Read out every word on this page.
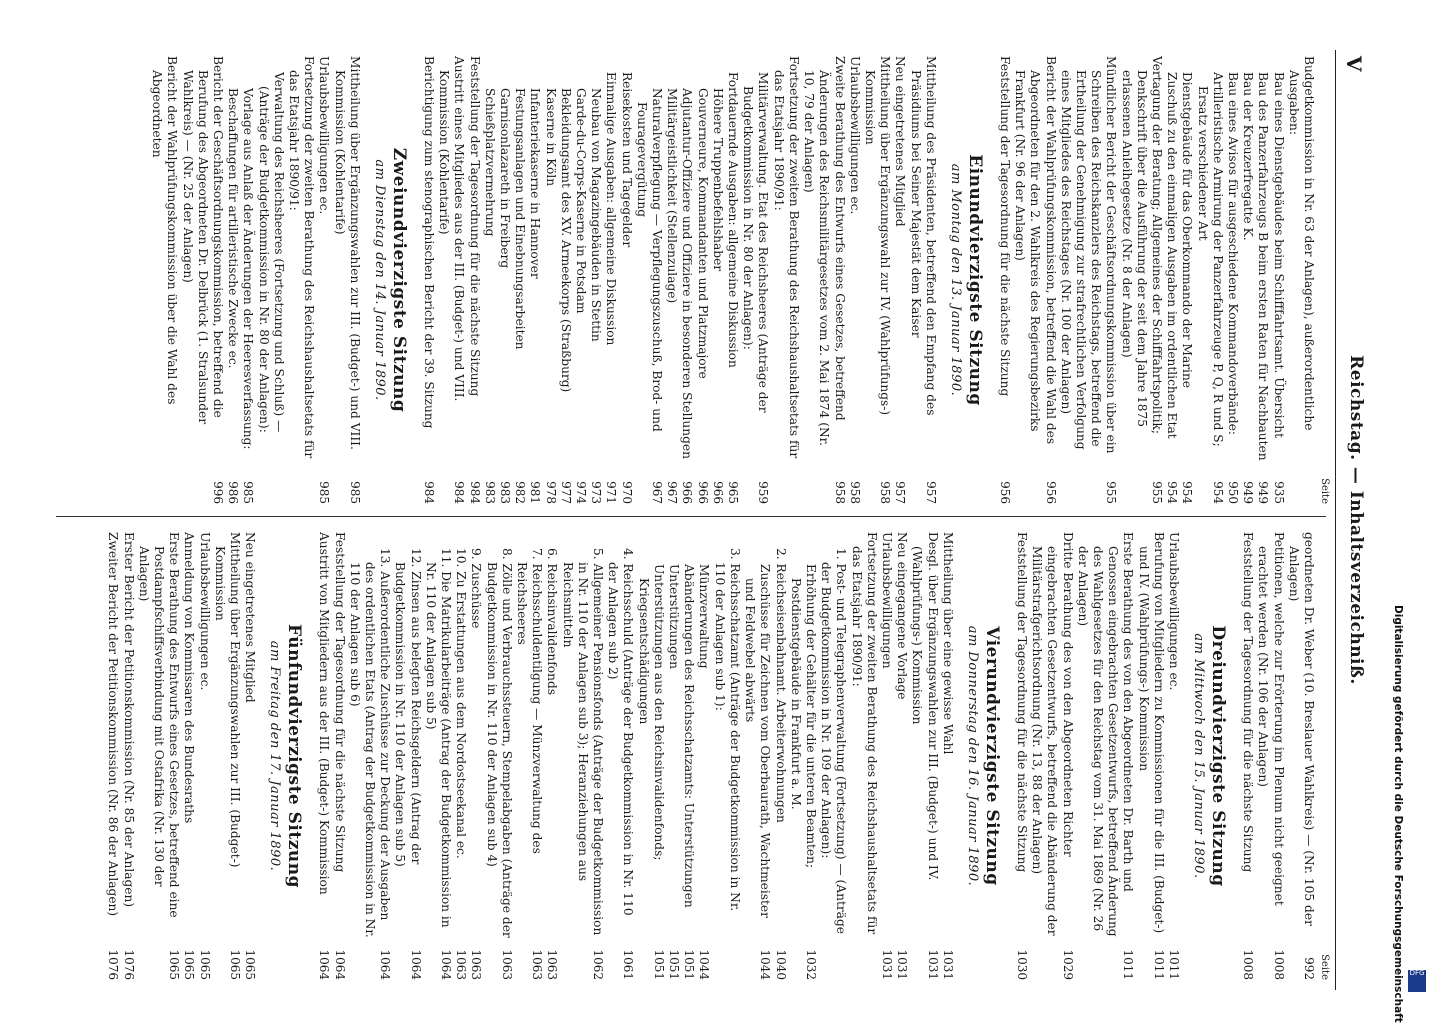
V
Reichstag. — Inhaltsverzeichniß.
Seite
geordneten Dr. Weber (10. Breslauer Wahlkreis) — (Nr. 105 der Anlagen)
992
Petitionen, welche zur Erörterung im Plenum nicht geeignet erachtet werden (Nr. 106 der Anlagen)
1008
Feststellung der Tagesordnung für die nächste Sitzung
1008
Dreiundvierzigste Sitzung
am Mittwoch den 15. Januar 1890.
Urlaubsbewilligungen ec.
1011
Berufung von Mitgliedern zu Kommissionen für die III. (Budget-) und IV. (Wahlprüfungs-) Kommission
1011
Erste Berathung des von den Abgeordneten Dr. Barth und Genossen eingebrachten Gesetzentwurfs, betreffend Änderung des Wahlgesetzes für den Reichstag vom 31. Mai 1869 (Nr. 26 der Anlagen)
1011
Dritte Berathung des von den Abgeordneten Richter eingebrachten Gesetzentwurfs, betreffend die Abänderung der Militärstrafgerichtsordnung (Nr. 13, 88 der Anlagen)
1029
Feststellung der Tagesordnung für die nächste Sitzung
1030
Vierundvierzigste Sitzung
am Donnerstag den 16. Januar 1890.
Mittheilung über eine gewisse Wahl
1031
Desgl. über Ergänzungswahlen zur III. (Budget-) und IV. (Wahlprüfungs-) Kommission
1031
Neu eingegangene Vorlage
1031
Urlaubsbewilligungen
1031
Fortsetzung der zweiten Berathung des Reichshaushaltsetats für das Etatsjahr 1890/91:
1. Post- und Telegraphenverwaltung (Fortsetzung) — (Anträge der Budgetkommission in Nr. 109 der Anlagen):
Erhöhung der Gehälter für die unteren Beamten; Postdienstgebäude in Frankfurt a. M.
1032
2. Reichseisenbahnamt. Arbeiterwohnungen
1040
Zuschüsse für Zeichnen vom Oberbaurath, Wachtmeister und Feldwebel abwärts
1044
3. Reichsschatzamt (Anträge der Budgetkommission in Nr. 110 der Anlagen sub 1):
Münzverwaltung
1044
Abänderungen des Reichsschatzamts: Unterstützungen
1051
Unterstützungen
1051
Unterstützungen aus den Reichsinvalidenfonds; Kriegsentschädigungen
1051
4. Reichsschuld (Anträge der Budgetkommission in Nr. 110 der Anlagen sub 2)
1061
5. Allgemeiner Pensionsfonds (Anträge der Budgetkommission in Nr. 110 der Anlagen sub 3); Heranziehungen aus Reichsmitteln
1062
6. Reichsinvalidenfonds
1063
7. Reichsschuldentilgung — Münzverwaltung des Reichsheeres
1063
8. Zölle und Verbrauchssteuern, Stempelabgaben (Anträge der Budgetkommission in Nr. 110 der Anlagen sub 4)
1063
9. Zuschüsse
1063
10. Zu Erstattungen aus dem Nordostseekanal ec.
1063
11. Die Matrikularbeiträge (Antrag der Budgetkommission in Nr. 110 der Anlagen sub 5)
1064
12. Zinsen aus belegten Reichsgeldern (Antrag der Budgetkommission in Nr. 110 der Anlagen sub 5)
1064
13. Außerordentliche Zuschüsse zur Deckung der Ausgaben des ordentlichen Etats (Antrag der Budgetkommission in Nr. 110 der Anlagen sub 6)
1064
Feststellung der Tagesordnung für die nächste Sitzung
1064
Austritt von Mitgliedern aus der III. (Budget-) Kommission
1064
Fünfundvierzigste Sitzung
am Freitag den 17. Januar 1890.
Neu eingetretenes Mitglied
1065
Mittheilung über Ergänzungswahlen zur III. (Budget-) Kommission
1065
Urlaubsbewilligungen ec.
1065
Anmeldung von Kommissaren des Bundesraths
1065
Erste Berathung des Entwurfs eines Gesetzes, betreffend eine Postdampfschiffsverbindung mit Ostafrika (Nr. 130 der Anlagen)
1065
Erster Bericht der Petitionskommission (Nr. 85 der Anlagen)
1076
Zweiter Bericht der Petitionskommission (Nr. 86 der Anlagen)
1076
Seite
Budgetkommission in Nr. 63 der Anlagen), außerordentliche Ausgaben:
Bau eines Dienstgebäudes beim Schifffahrtsamt. Übersicht
935
Bau des Panzerfahrzeugs B beim ersten Raten für Nachbauten
949
Bau der Kreuzerfregatte K.
949
Bau eines Avisos für ausgeschiedene Kommandoverbände:
950
Artilleristische Armirung der Panzerfahrzeuge P, Q, R und S; Ersatz verschiedener Art
954
Dienstgebäude für das Oberkommando der Marine
954
Zuschuß zu den einmaligen Ausgaben im ordentlichen Etat
954
Vertagung der Beratung; Allgemeines der Schifffahrtspolitik; Denkschrift über die Ausführung der seit dem Jahre 1875 erlassenen Anleihegesetze (Nr. 8 der Anlagen)
955
Mündlicher Bericht der Geschäftsordnungskommission über ein Schreiben des Reichskanzlers des Reichstags, betreffend die Ertheilung der Genehmigung zur strafrechtlichen Verfolgung eines Mitgliedes des Reichstages (Nr. 100 der Anlagen)
955
Bericht der Wahlprüfungskommission, betreffend die Wahl des Abgeordneten für den 2. Wahlkreis des Regierungsbezirks Frankfurt (Nr. 96 der Anlagen)
956
Feststellung der Tagesordnung für die nächste Sitzung
956
Einundvierzigste Sitzung
am Montag den 13. Januar 1890.
Mittheilung des Präsidenten, betreffend den Empfang des Präsidiums bei Seiner Majestät dem Kaiser
957
Neu eingetretenes Mitglied
957
Mittheilung über Ergänzungswahl zur IV. (Wahlprüfungs-) Kommission
958
Urlaubsbewilligungen ec.
958
Zweite Berathung des Entwurfs eines Gesetzes, betreffend Änderungen des Reichsmilitärgesetzes vom 2. Mai 1874 (Nr. 10, 79 der Anlagen)
958
Fortsetzung der zweiten Berathung des Reichshaushaltsetats für das Etatsjahr 1890/91:
Militärverwaltung. Etat des Reichsheeres (Anträge der Budgetkommission in Nr. 80 der Anlagen):
959
Fortdauernde Ausgaben: allgemeine Diskussion
965
Höhere Truppenbefehlshaber
966
Gouverneure, Kommandanten und Platzmajore
966
Adjutantur-Offiziere und Offiziere in besonderen Stellungen
966
Militärgeistlichkeit (Stellenzulage)
967
Naturalverpflegung — Verpflegungszuschuß, Brod- und Fouragevergütung
967
Reisekosten und Tagegelder
970
Einmalige Ausgaben: allgemeine Diskussion
971
Neubau von Magazingebäuden in Stettin
973
Garde-du-Corps-Kaserne in Potsdam
974
Bekleidungsamt des XV. Armeekorps (Straßburg)
977
Kaserne in Köln
978
Infanteriekaserne in Hannover
981
Festungsanlagen und Einebnungsarbeiten
982
Garnisonlazareth in Freiberg
983
Schießplatzvermehrung
983
Feststellung der Tagesordnung für die nächste Sitzung
984
Austritt eines Mitgliedes aus der III. (Budget-) und VIII. Kommission (Kohlentarife)
984
Berichtigung zum stenographischen Bericht der 39. Sitzung
984
Zweiundvierzigste Sitzung
am Dienstag den 14. Januar 1890.
Mittheilung über Ergänzungswahlen zur III. (Budget-) und VIII. Kommission (Kohlentarife)
985
Urlaubsbewilligungen ec.
985
Fortsetzung der zweiten Berathung des Reichshaushaltsetats für das Etatsjahr 1890/91:
Verwaltung des Reichsheeres (Fortsetzung und Schluß) — (Anträge der Budgetkommission in Nr. 80 der Anlagen):
Vorlage aus Anlaß der Änderungen der Heeresverfassung:
985
Beschaffungen für artilleristische Zwecke ec.
986
Bericht der Geschäftsordnungskommission, betreffend die Berufung des Abgeordneten Dr. Delbrück (1. Stralsunder Wahlkreis) — (Nr. 25 der Anlagen)
996
Bericht der Wahlprüfungskommission über die Wahl des Abgeordneten
Digitalisierung gefördert durch die Deutsche Forschungsgemeinschaft DFG
